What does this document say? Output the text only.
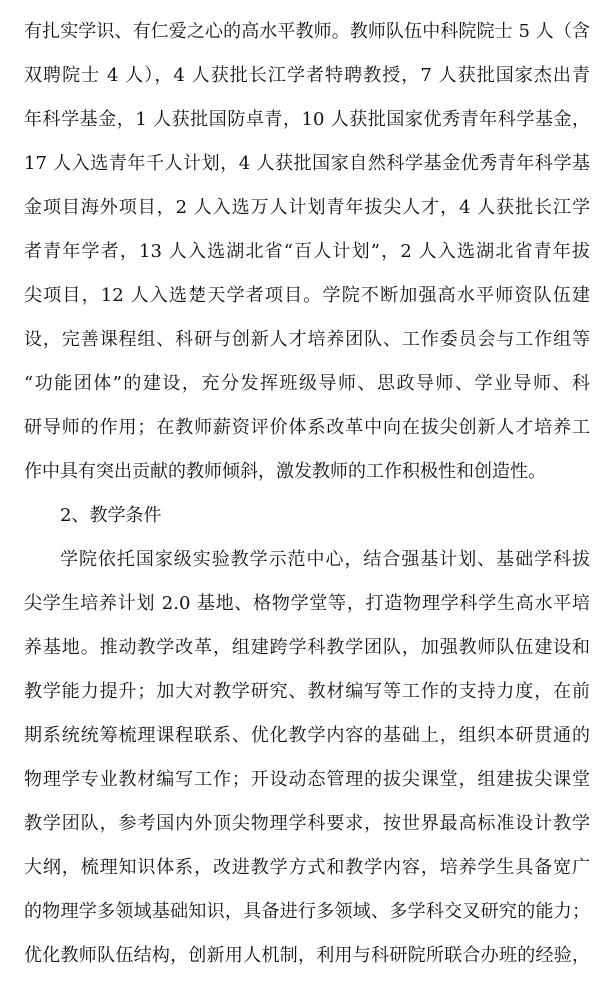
有扎实学识、有仁爱之心的高水平教师。教师队伍中科院院士 5 人（含
双聘院士 4 人），4 人获批长江学者特聘教授，7 人获批国家杰出青
年科学基金，1 人获批国防卓青，10 人获批国家优秀青年科学基金，
17 人入选青年千人计划，4 人获批国家自然科学基金优秀青年科学基
金项目海外项目，2 人入选万人计划青年拔尖人才，4 人获批长江学
者青年学者，13 人入选湖北省“百人计划”，2 人入选湖北省青年拔
尖项目，12 人入选楚天学者项目。学院不断加强高水平师资队伍建
设，完善课程组、科研与创新人才培养团队、工作委员会与工作组等
“功能团体”的建设，充分发挥班级导师、思政导师、学业导师、科
研导师的作用；在教师薪资评价体系改革中向在拔尖创新人才培养工
作中具有突出贡献的教师倾斜，激发教师的工作积极性和创造性。
2、教学条件
学院依托国家级实验教学示范中心，结合强基计划、基础学科拔
尖学生培养计划 2.0 基地、格物学堂等，打造物理学科学生高水平培
养基地。推动教学改革，组建跨学科教学团队，加强教师队伍建设和
教学能力提升；加大对教学研究、教材编写等工作的支持力度，在前
期系统统筹梳理课程联系、优化教学内容的基础上，组织本研贯通的
物理学专业教材编写工作；开设动态管理的拔尖课堂，组建拔尖课堂
教学团队，参考国内外顶尖物理学科要求，按世界最高标准设计教学
大纲，梳理知识体系，改进教学方式和教学内容，培养学生具备宽广
的物理学多领域基础知识，具备进行多领域、多学科交叉研究的能力；
优化教师队伍结构，创新用人机制，利用与科研院所联合办班的经验，
